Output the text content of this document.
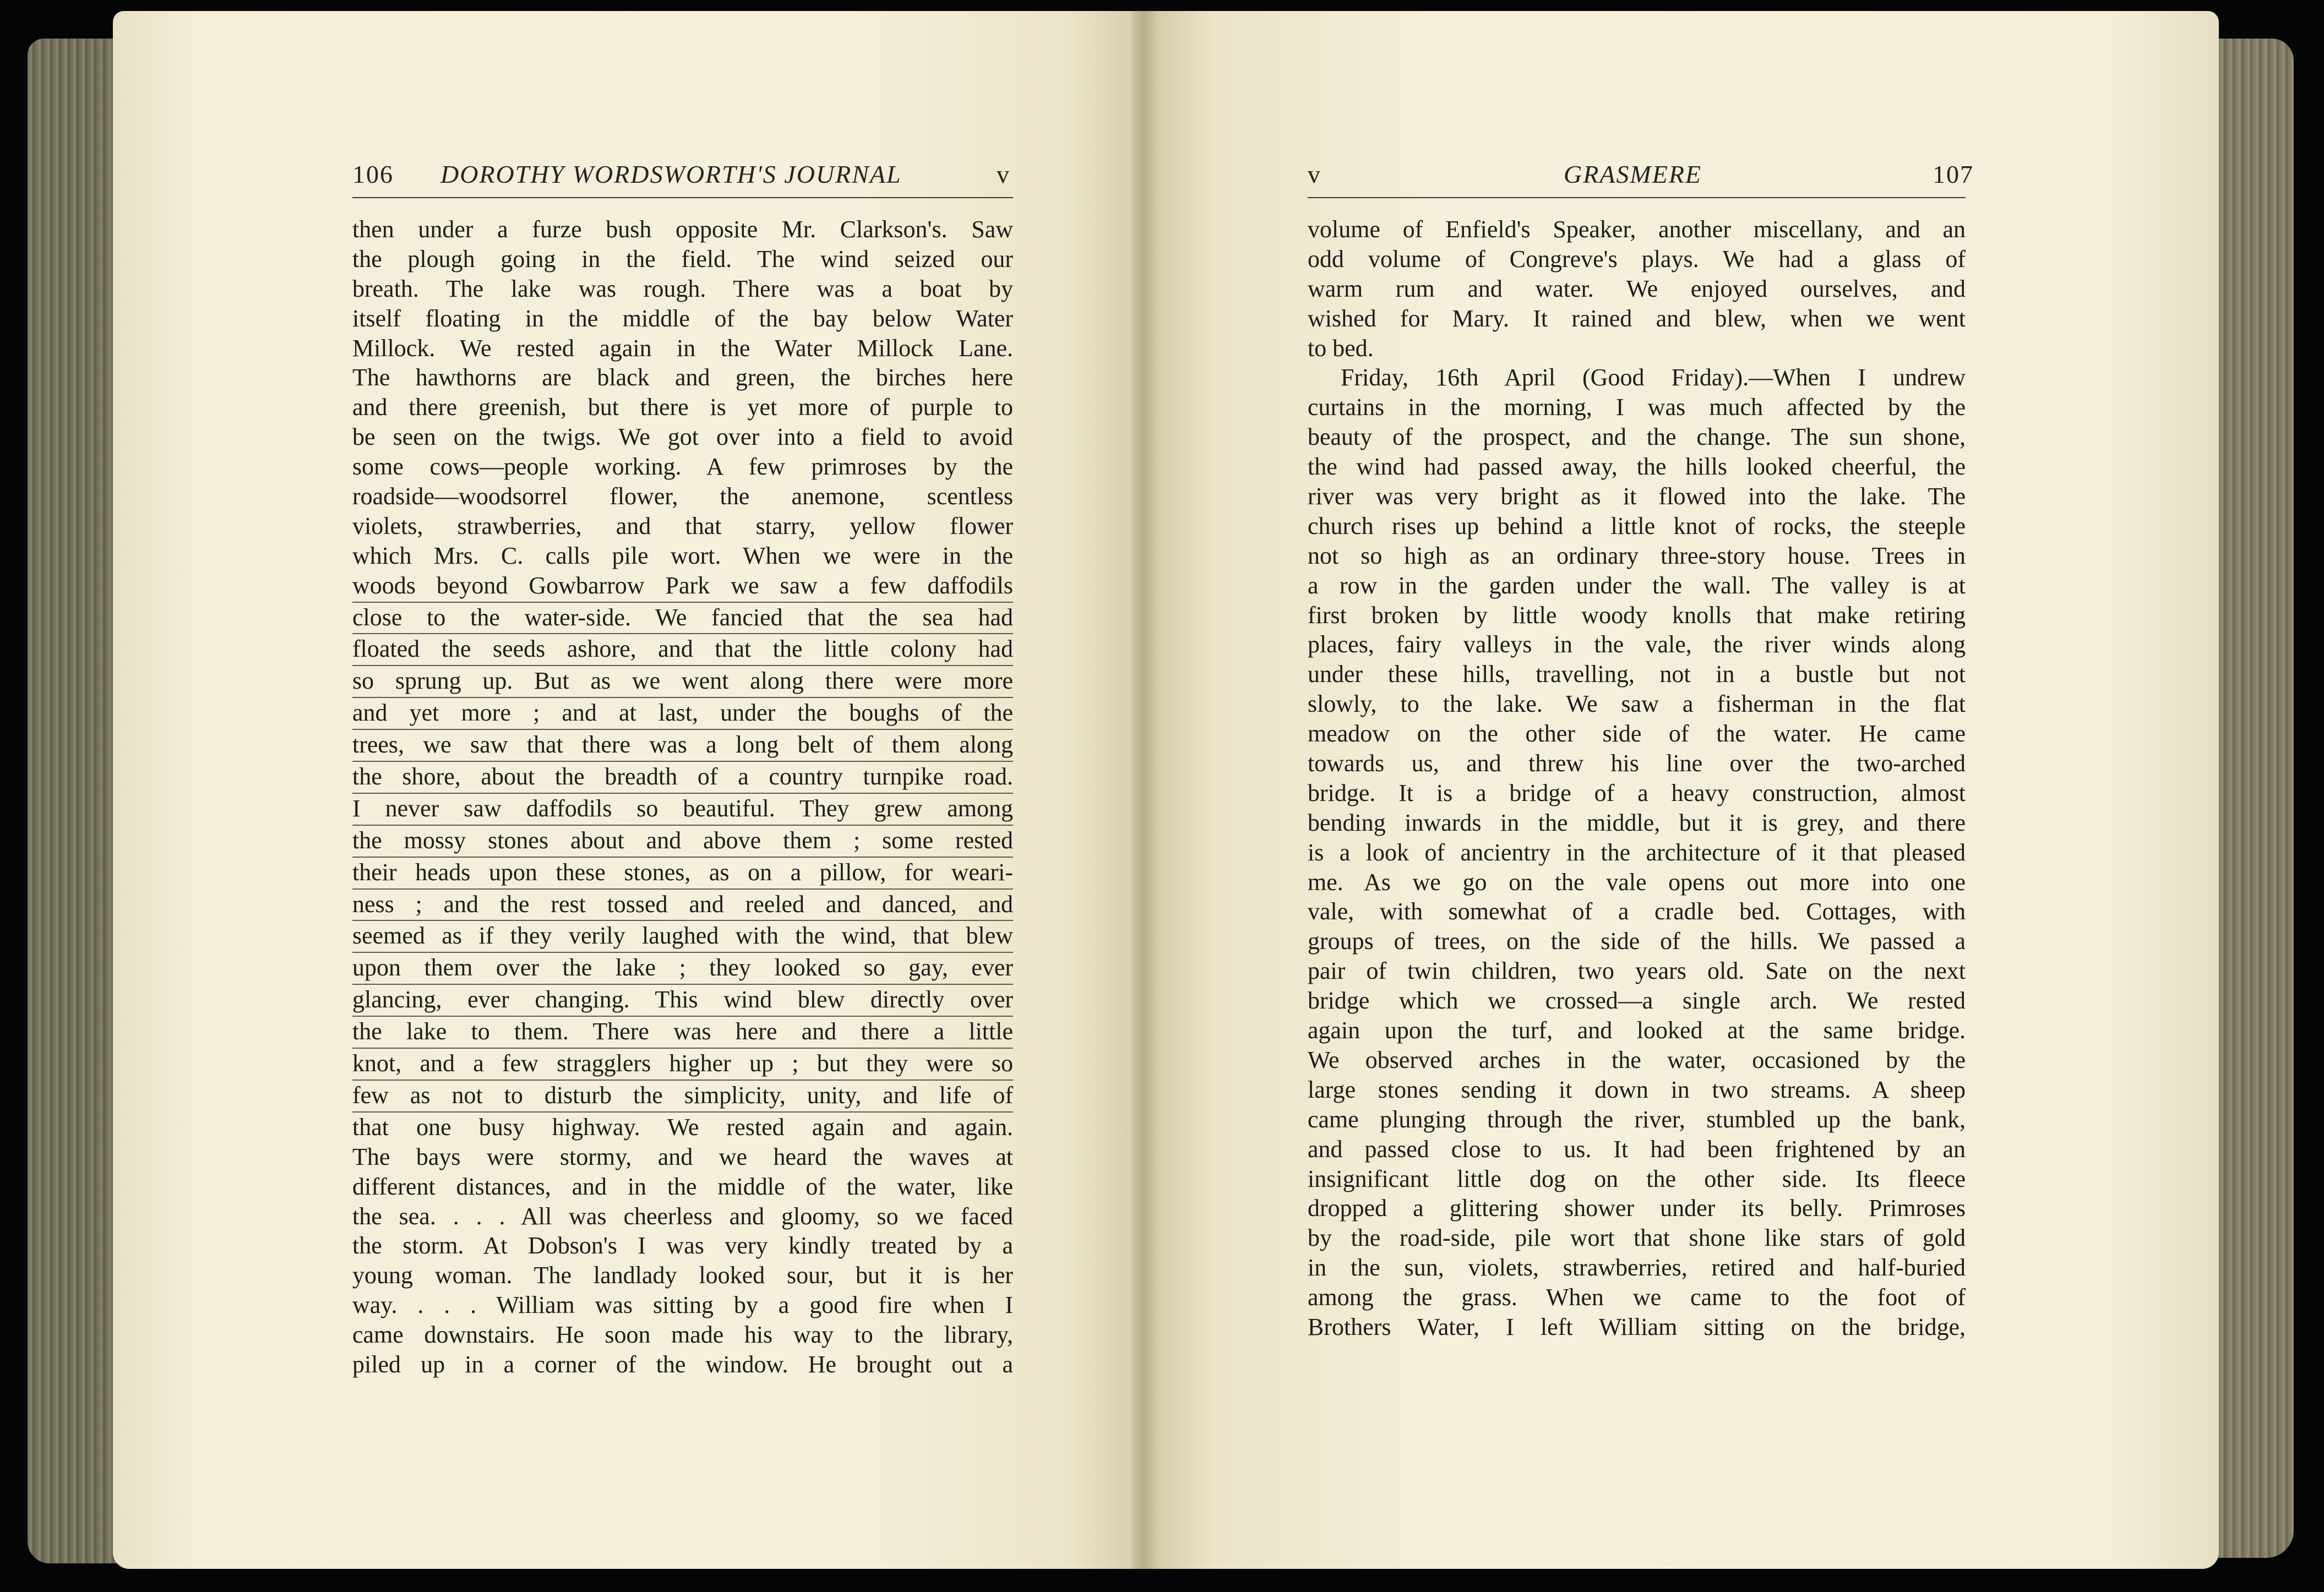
106 DOROTHY WORDSWORTH'S JOURNAL	v
then under a furze bush opposite Mr. Clarkson's. Saw
the plough going in the field. The wind seized our
breath. The lake was rough. There was a boat by
itself floating in the middle of the bay below Water
Millock. We rested again in the Water Millock Lane.
The hawthorns are black and green, the birches here
and there greenish, but there is yet more of purple to
be seen on the twigs. We got over into a field to avoid
some cows—people working. A few primroses by the
roadside—woodsorrel flower, the anemone, scentless
violets, strawberries, and that starry, yellow flower
which Mrs. C. calls pile wort. When we were in the
woods beyond Gowbarrow Park we saw a few daffodils
close to the water-side. We fancied that the sea had
floated the seeds ashore, and that the little colony had
so sprung up. But as we went along there were more
and yet more ; and at last, under the boughs of the
trees, we saw that there was a long belt of them along
the shore, about the breadth of a country turnpike road.
I never saw daffodils so beautiful. They grew among
the mossy stones about and above them ; some rested
their heads upon these stones, as on a pillow, for weari-
ness ; and the rest tossed and reeled and danced, and
seemed as if they verily laughed with the wind, that blew
upon them over the lake ; they looked so gay, ever
glancing, ever changing. This wind blew directly over
the lake to them. There was here and there a little
knot, and a few stragglers higher up ; but they were so
few as not to disturb the simplicity, unity, and life of
that one busy highway. We rested again and again.
The bays were stormy, and we heard the waves at
different distances, and in the middle of the water, like
the sea. . . . All was cheerless and gloomy, so we faced
the storm. At Dobson's I was very kindly treated by a
young woman. The landlady looked sour, but it is her
way. . . . William was sitting by a good fire when I
came downstairs. He soon made his way to the library,
piled up in a corner of the window. He brought out a
v	GRASMERE	107
volume of Enfield's Speaker, another miscellany, and an
odd volume of Congreve's plays. We had a glass of
warm rum and water. We enjoyed ourselves, and
wished for Mary. It rained and blew, when we went
to bed.
Friday, 16th April (Good Friday).—When I undrew
curtains in the morning, I was much affected by the
beauty of the prospect, and the change. The sun shone,
the wind had passed away, the hills looked cheerful, the
river was very bright as it flowed into the lake. The
church rises up behind a little knot of rocks, the steeple
not so high as an ordinary three-story house. Trees in
a row in the garden under the wall. The valley is at
first broken by little woody knolls that make retiring
places, fairy valleys in the vale, the river winds along
under these hills, travelling, not in a bustle but not
slowly, to the lake. We saw a fisherman in the flat
meadow on the other side of the water. He came
towards us, and threw his line over the two-arched
bridge. It is a bridge of a heavy construction, almost
bending inwards in the middle, but it is grey, and there
is a look of ancientry in the architecture of it that pleased
me. As we go on the vale opens out more into one
vale, with somewhat of a cradle bed. Cottages, with
groups of trees, on the side of the hills. We passed a
pair of twin children, two years old. Sate on the next
bridge which we crossed—a single arch. We rested
again upon the turf, and looked at the same bridge.
We observed arches in the water, occasioned by the
large stones sending it down in two streams. A sheep
came plunging through the river, stumbled up the bank,
and passed close to us. It had been frightened by an
insignificant little dog on the other side. Its fleece
dropped a glittering shower under its belly. Primroses
by the road-side, pile wort that shone like stars of gold
in the sun, violets, strawberries, retired and half-buried
among the grass. When we came to the foot of
Brothers Water, I left William sitting on the bridge,
